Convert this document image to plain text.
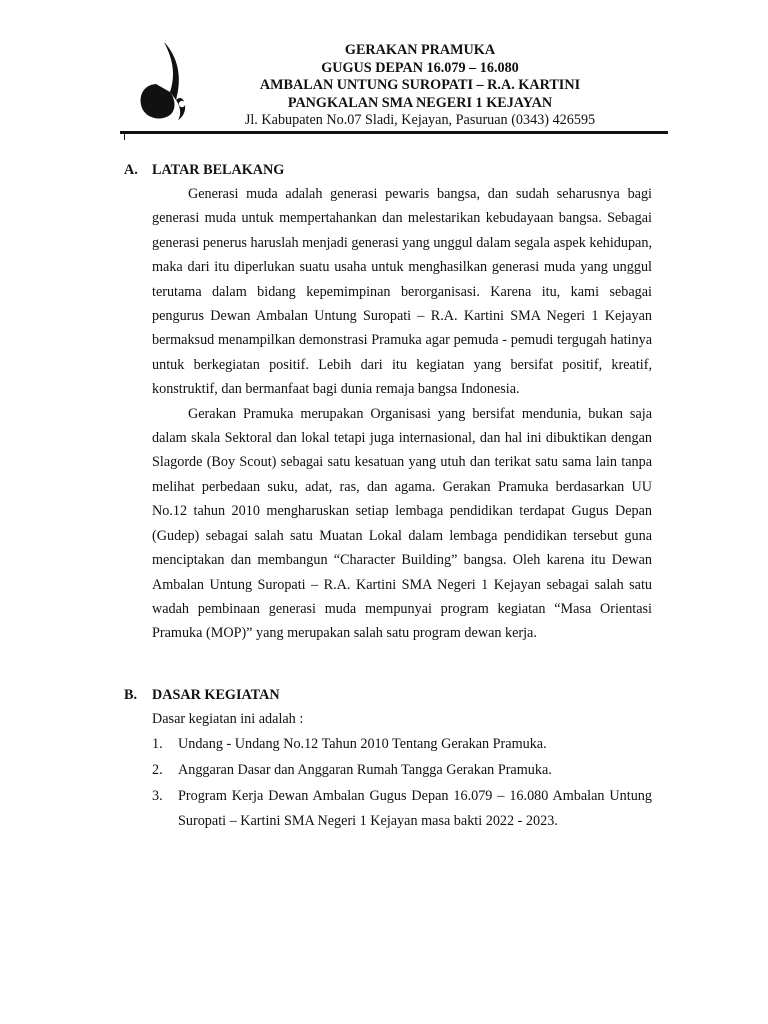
GERAKAN PRAMUKA
GUGUS DEPAN 16.079 – 16.080
AMBALAN UNTUNG SUROPATI – R.A. KARTINI
PANGKALAN SMA NEGERI 1 KEJAYAN
Jl. Kabupaten No.07 Sladi, Kejayan, Pasuruan (0343) 426595
A.	LATAR BELAKANG

Generasi muda adalah generasi pewaris bangsa, dan sudah seharusnya bagi generasi muda untuk mempertahankan dan melestarikan kebudayaan bangsa. Sebagai generasi penerus haruslah menjadi generasi yang unggul dalam segala aspek kehidupan, maka dari itu diperlukan suatu usaha untuk menghasilkan generasi muda yang unggul terutama dalam bidang kepemimpinan berorganisasi. Karena itu, kami sebagai pengurus Dewan Ambalan Untung Suropati – R.A. Kartini SMA Negeri 1 Kejayan bermaksud menampilkan demonstrasi Pramuka agar pemuda - pemudi tergugah hatinya untuk berkegiatan positif. Lebih dari itu kegiatan yang bersifat positif, kreatif, konstruktif, dan bermanfaat bagi dunia remaja bangsa Indonesia.

Gerakan Pramuka merupakan Organisasi yang bersifat mendunia, bukan saja dalam skala Sektoral dan lokal tetapi juga internasional, dan hal ini dibuktikan dengan Slagorde (Boy Scout) sebagai satu kesatuan yang utuh dan terikat satu sama lain tanpa melihat perbedaan suku, adat, ras, dan agama. Gerakan Pramuka berdasarkan UU No.12 tahun 2010 mengharuskan setiap lembaga pendidikan terdapat Gugus Depan (Gudep) sebagai salah satu Muatan Lokal dalam lembaga pendidikan tersebut guna menciptakan dan membangun “Character Building” bangsa. Oleh karena itu Dewan Ambalan Untung Suropati – R.A. Kartini SMA Negeri 1 Kejayan sebagai salah satu wadah pembinaan generasi muda mempunyai program kegiatan “Masa Orientasi Pramuka (MOP)” yang merupakan salah satu program dewan kerja.

B.	DASAR KEGIATAN
Dasar kegiatan ini adalah :
1.	Undang - Undang No.12 Tahun 2010 Tentang Gerakan Pramuka.
2.	Anggaran Dasar dan Anggaran Rumah Tangga Gerakan Pramuka.
3.	Program Kerja Dewan Ambalan Gugus Depan 16.079 – 16.080 Ambalan Untung Suropati – Kartini SMA Negeri 1 Kejayan masa bakti 2022 - 2023.
